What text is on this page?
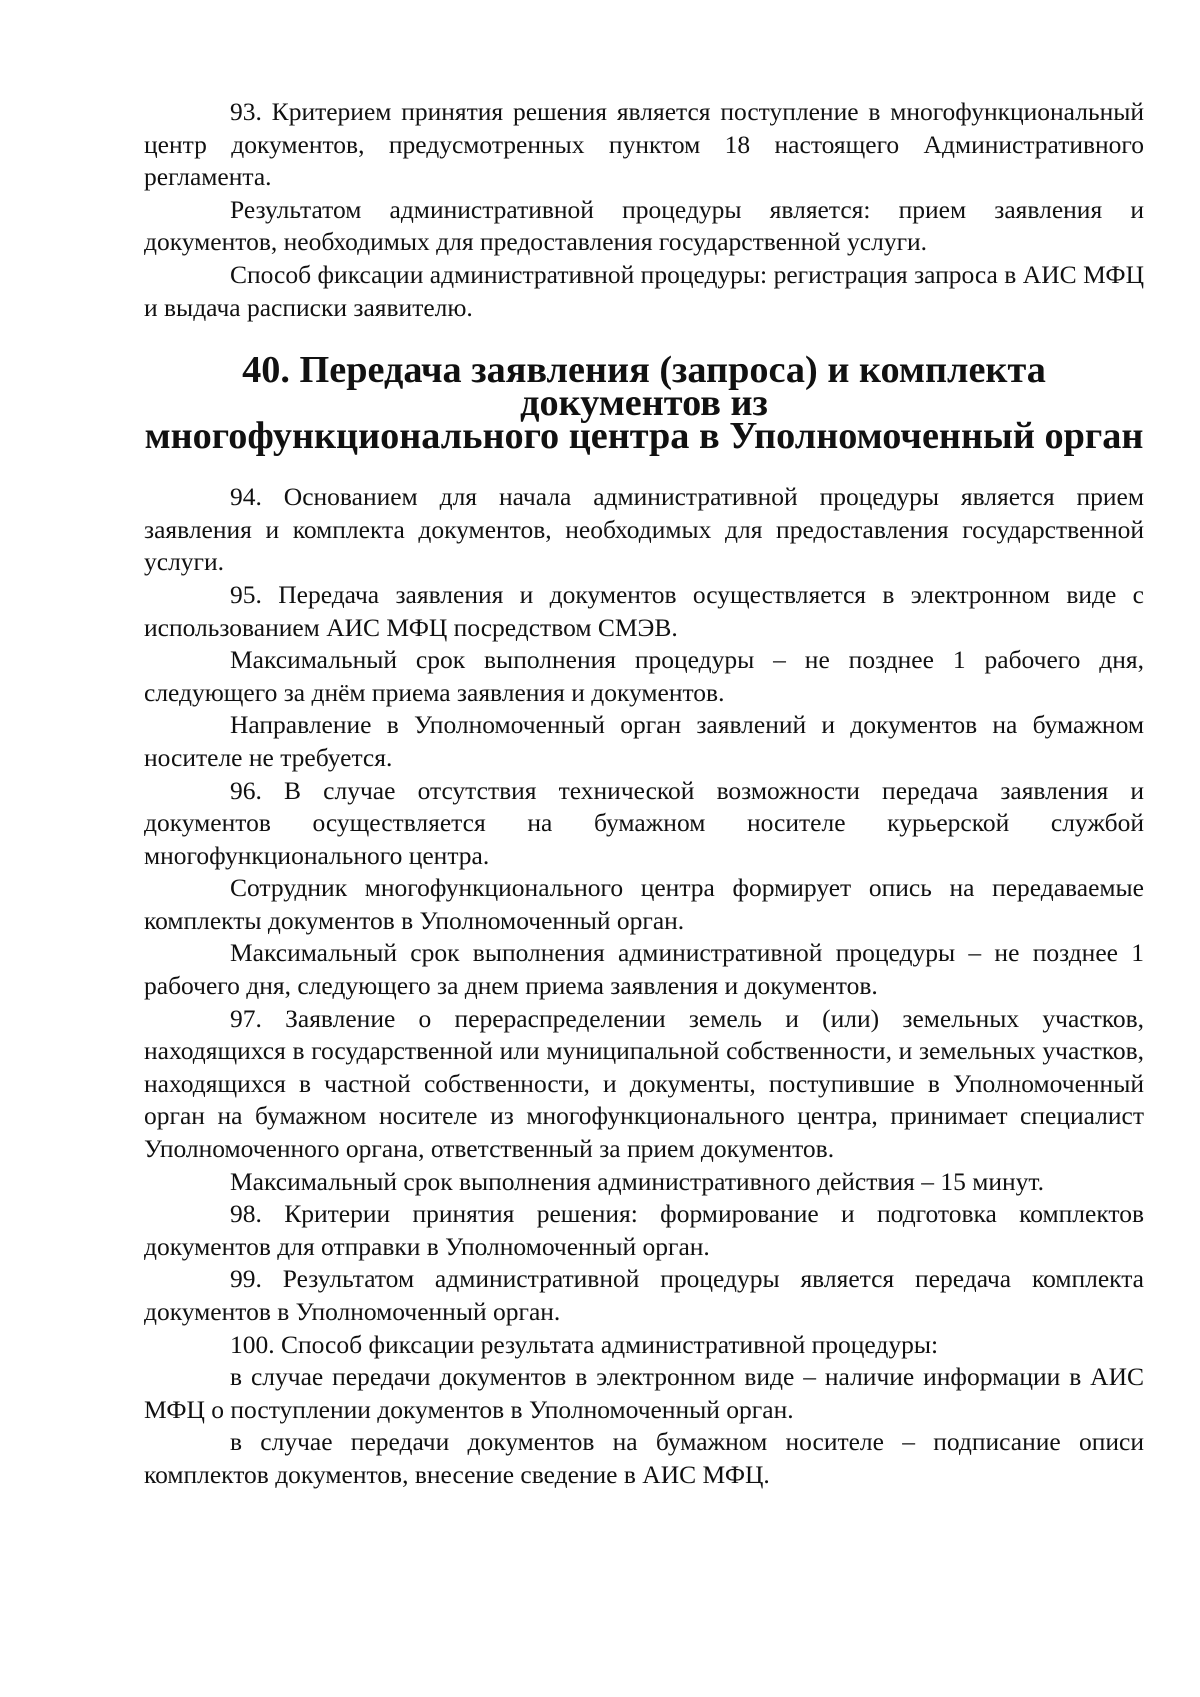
93. Критерием принятия решения является поступление в многофункциональный центр документов, предусмотренных пунктом 18 настоящего Административного регламента.

Результатом административной процедуры является: прием заявления и документов, необходимых для предоставления государственной услуги.

Способ фиксации административной процедуры: регистрация запроса в АИС МФЦ и выдача расписки заявителю.

40. Передача заявления (запроса) и комплекта документов из
многофункционального центра в Уполномоченный орган

94. Основанием для начала административной процедуры является прием заявления и комплекта документов, необходимых для предоставления государственной услуги.

95. Передача заявления и документов осуществляется в электронном виде с использованием АИС МФЦ посредством СМЭВ.

Максимальный срок выполнения процедуры – не позднее 1 рабочего дня, следующего за днём приема заявления и документов.

Направление в Уполномоченный орган заявлений и документов на бумажном носителе не требуется.

96. В случае отсутствия технической возможности передача заявления и документов осуществляется на бумажном носителе курьерской службой многофункционального центра.

Сотрудник многофункционального центра формирует опись на передаваемые комплекты документов в Уполномоченный орган.

Максимальный срок выполнения административной процедуры – не позднее 1 рабочего дня, следующего за днем приема заявления и документов.

97. Заявление о перераспределении земель и (или) земельных участков, находящихся в государственной или муниципальной собственности, и земельных участков, находящихся в частной собственности, и документы, поступившие в Уполномоченный орган на бумажном носителе из многофункционального центра, принимает специалист Уполномоченного органа, ответственный за прием документов.

Максимальный срок выполнения административного действия – 15 минут.

98. Критерии принятия решения: формирование и подготовка комплектов документов для отправки в Уполномоченный орган.

99. Результатом административной процедуры является передача комплекта документов в Уполномоченный орган.

100. Способ фиксации результата административной процедуры:

в случае передачи документов в электронном виде – наличие информации в АИС МФЦ о поступлении документов в Уполномоченный орган.

в случае передачи документов на бумажном носителе – подписание описи комплектов документов, внесение сведение в АИС МФЦ.
